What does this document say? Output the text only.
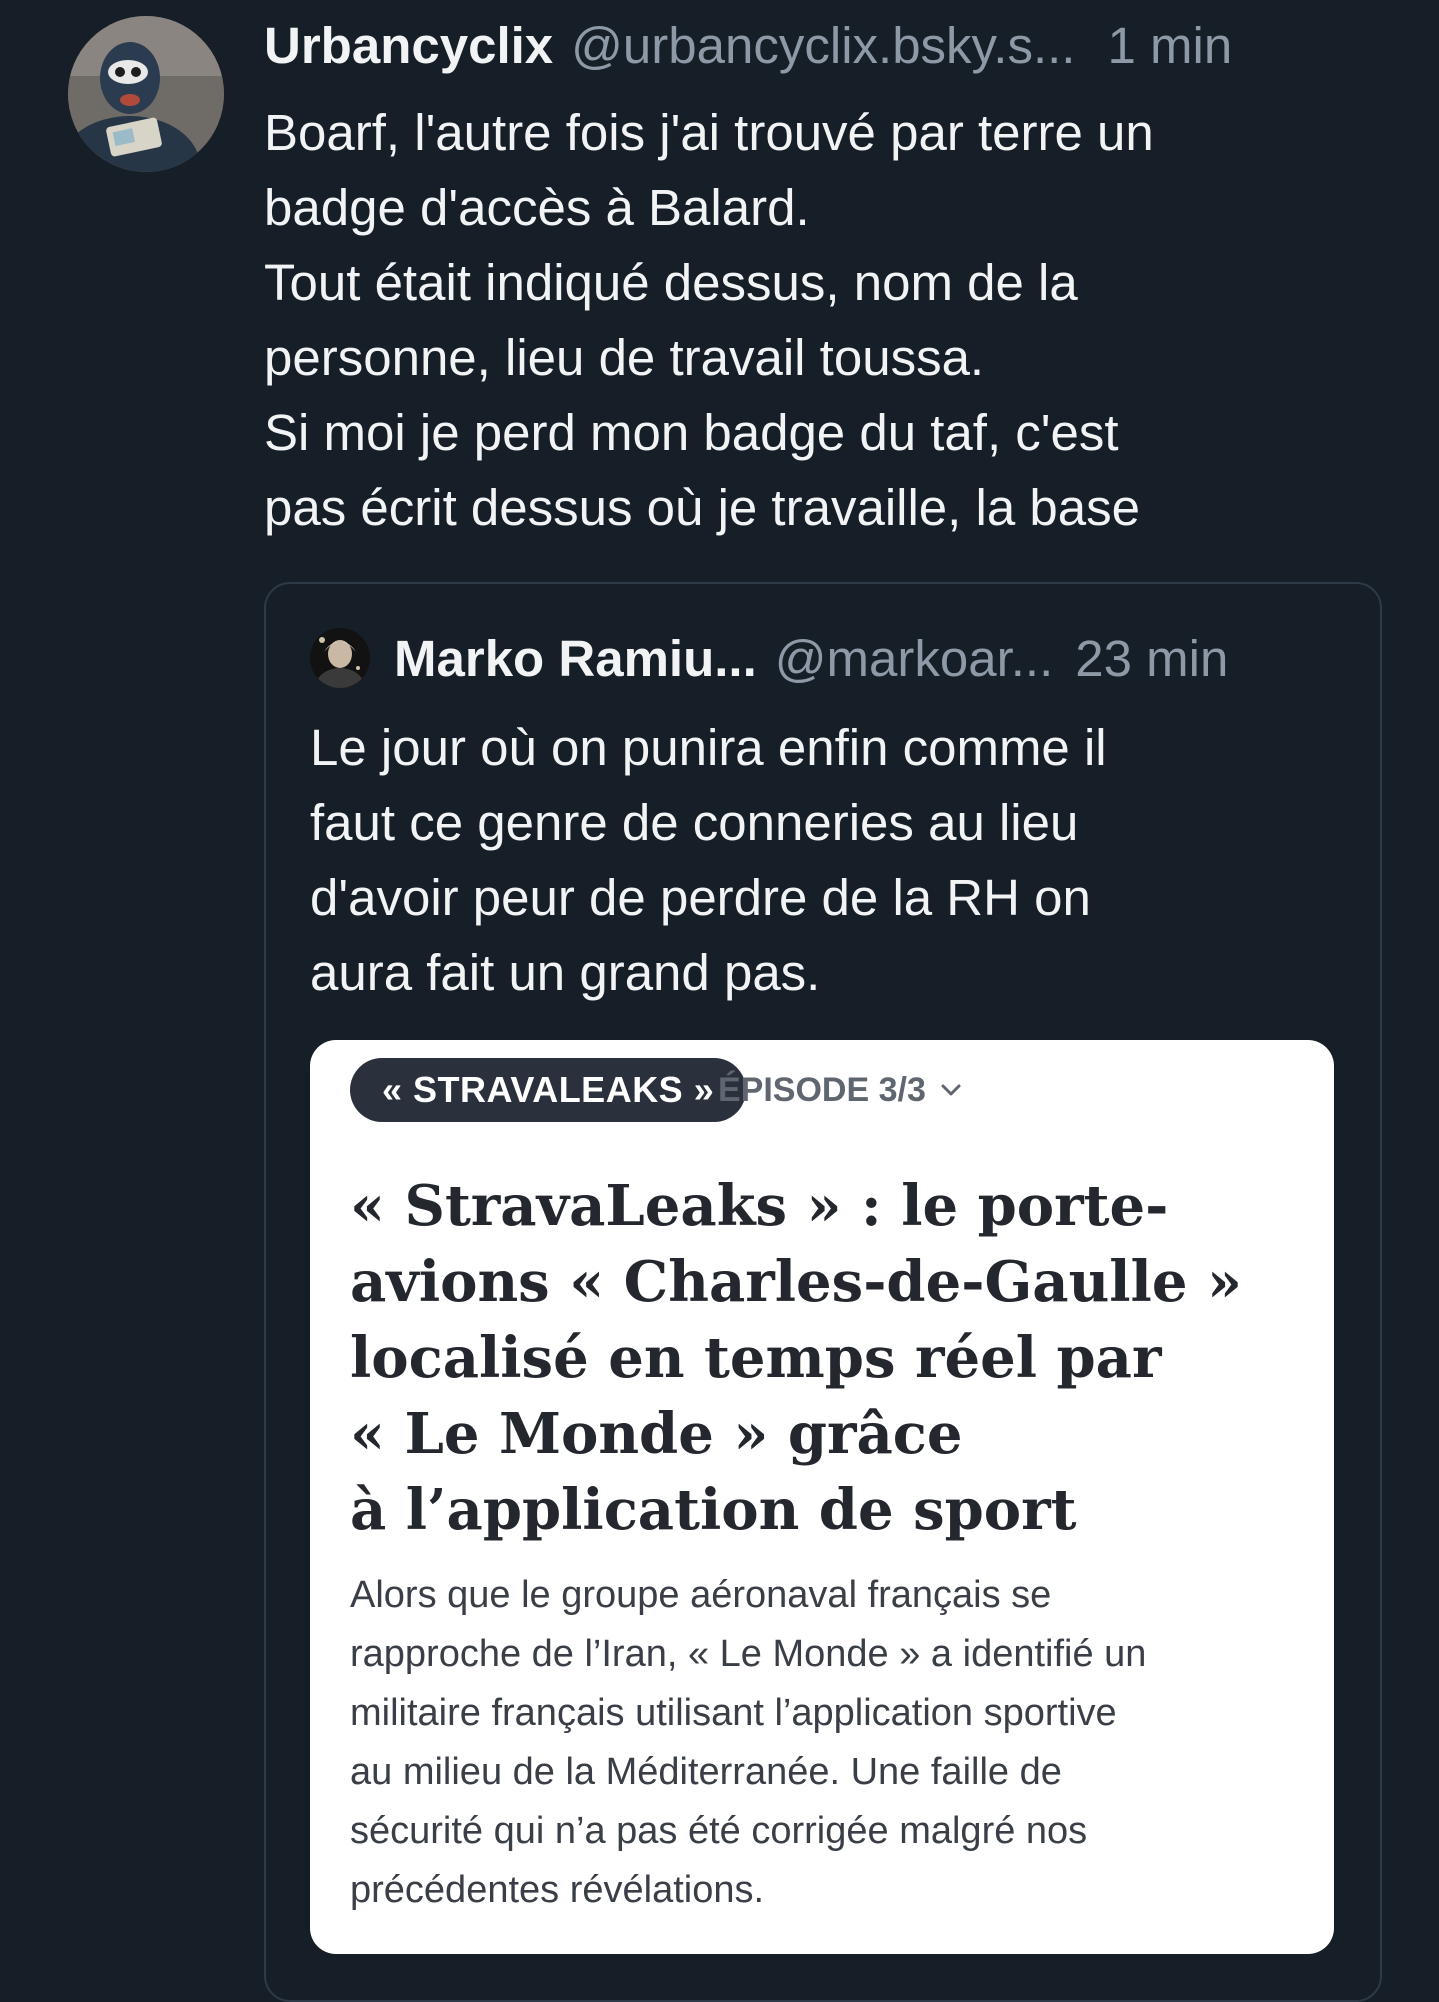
Urbancyclix @urbancyclix.bsky.s... 1 min
Boarf, l'autre fois j'ai trouvé par terre un
badge d'accès à Balard.
Tout était indiqué dessus, nom de la
personne, lieu de travail toussa.
Si moi je perd mon badge du taf, c'est
pas écrit dessus où je travaille, la base
Marko Ramiu... @markoar... 23 min
Le jour où on punira enfin comme il
faut ce genre de conneries au lieu
d'avoir peur de perdre de la RH on
aura fait un grand pas.
« STRAVALEAKS » ÉPISODE 3/3
« StravaLeaks » : le porte-
avions « Charles-de-Gaulle »
localisé en temps réel par
« Le Monde » grâce
à l’application de sport
Alors que le groupe aéronaval français se
rapproche de l’Iran, « Le Monde » a identifié un
militaire français utilisant l’application sportive
au milieu de la Méditerranée. Une faille de
sécurité qui n’a pas été corrigée malgré nos
précédentes révélations.
